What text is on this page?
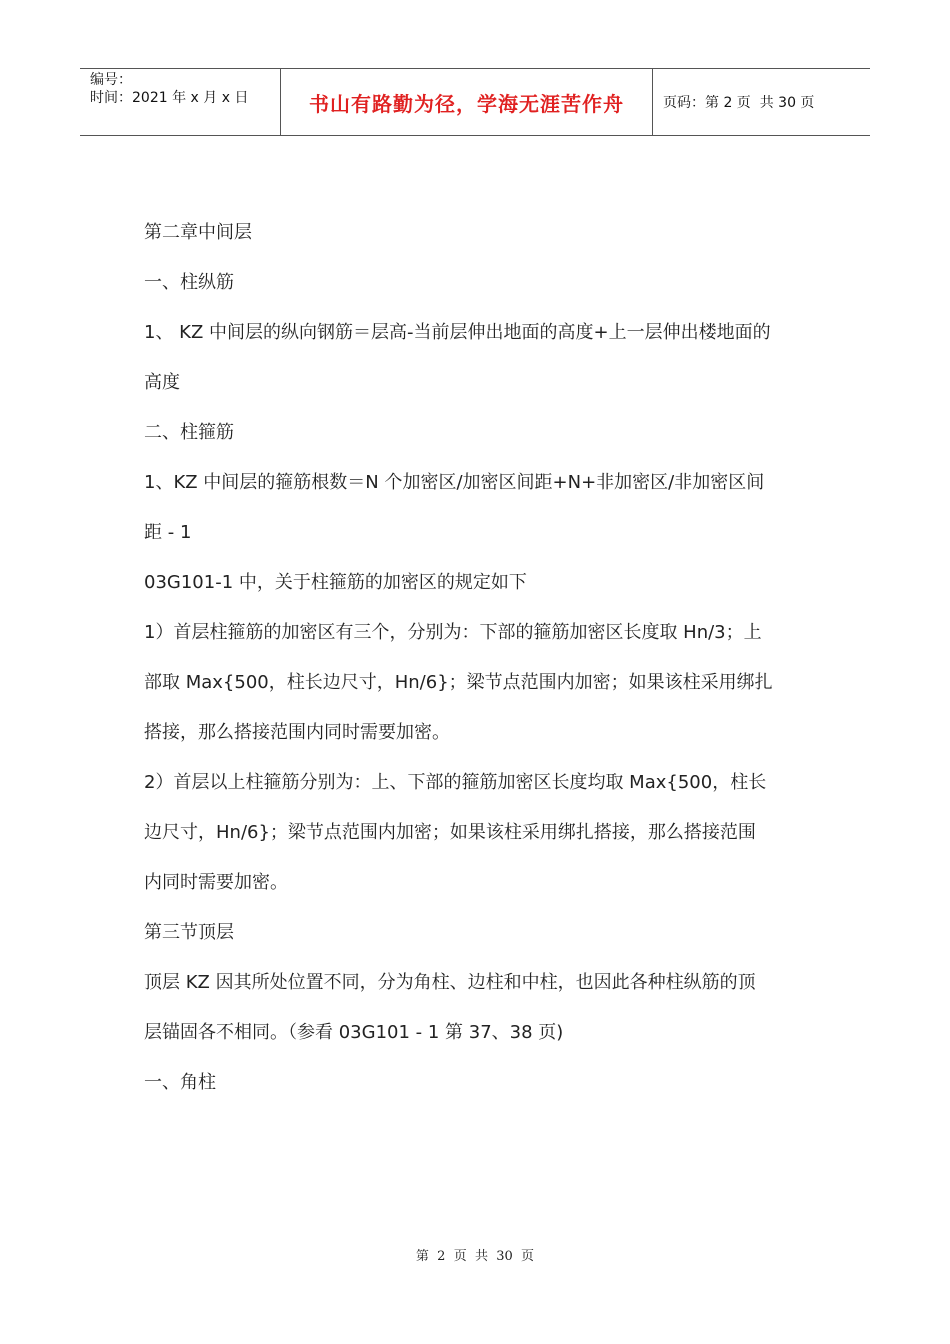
编号：
时间：2021 年 x 月 x 日	书山有路勤为径，学海无涯苦作舟	页码：第 2 页  共 30 页
第二章中间层
一、柱纵筋
1、 KZ 中间层的纵向钢筋＝层高-当前层伸出地面的高度+上一层伸出楼地面的
高度
二、柱箍筋
1、KZ 中间层的箍筋根数＝N 个加密区/加密区间距+N+非加密区/非加密区间
距 - 1
03G101-1 中，关于柱箍筋的加密区的规定如下
1）首层柱箍筋的加密区有三个，分别为：下部的箍筋加密区长度取 Hn/3；上
部取 Max{500，柱长边尺寸，Hn/6}；梁节点范围内加密；如果该柱采用绑扎
搭接，那么搭接范围内同时需要加密。
2）首层以上柱箍筋分别为：上、下部的箍筋加密区长度均取 Max{500，柱长
边尺寸，Hn/6}；梁节点范围内加密；如果该柱采用绑扎搭接，那么搭接范围
内同时需要加密。
第三节顶层
顶层 KZ 因其所处位置不同，分为角柱、边柱和中柱，也因此各种柱纵筋的顶
层锚固各不相同。（参看 03G101 - 1 第 37、38 页)
一、角柱
第  2  页  共  30  页
